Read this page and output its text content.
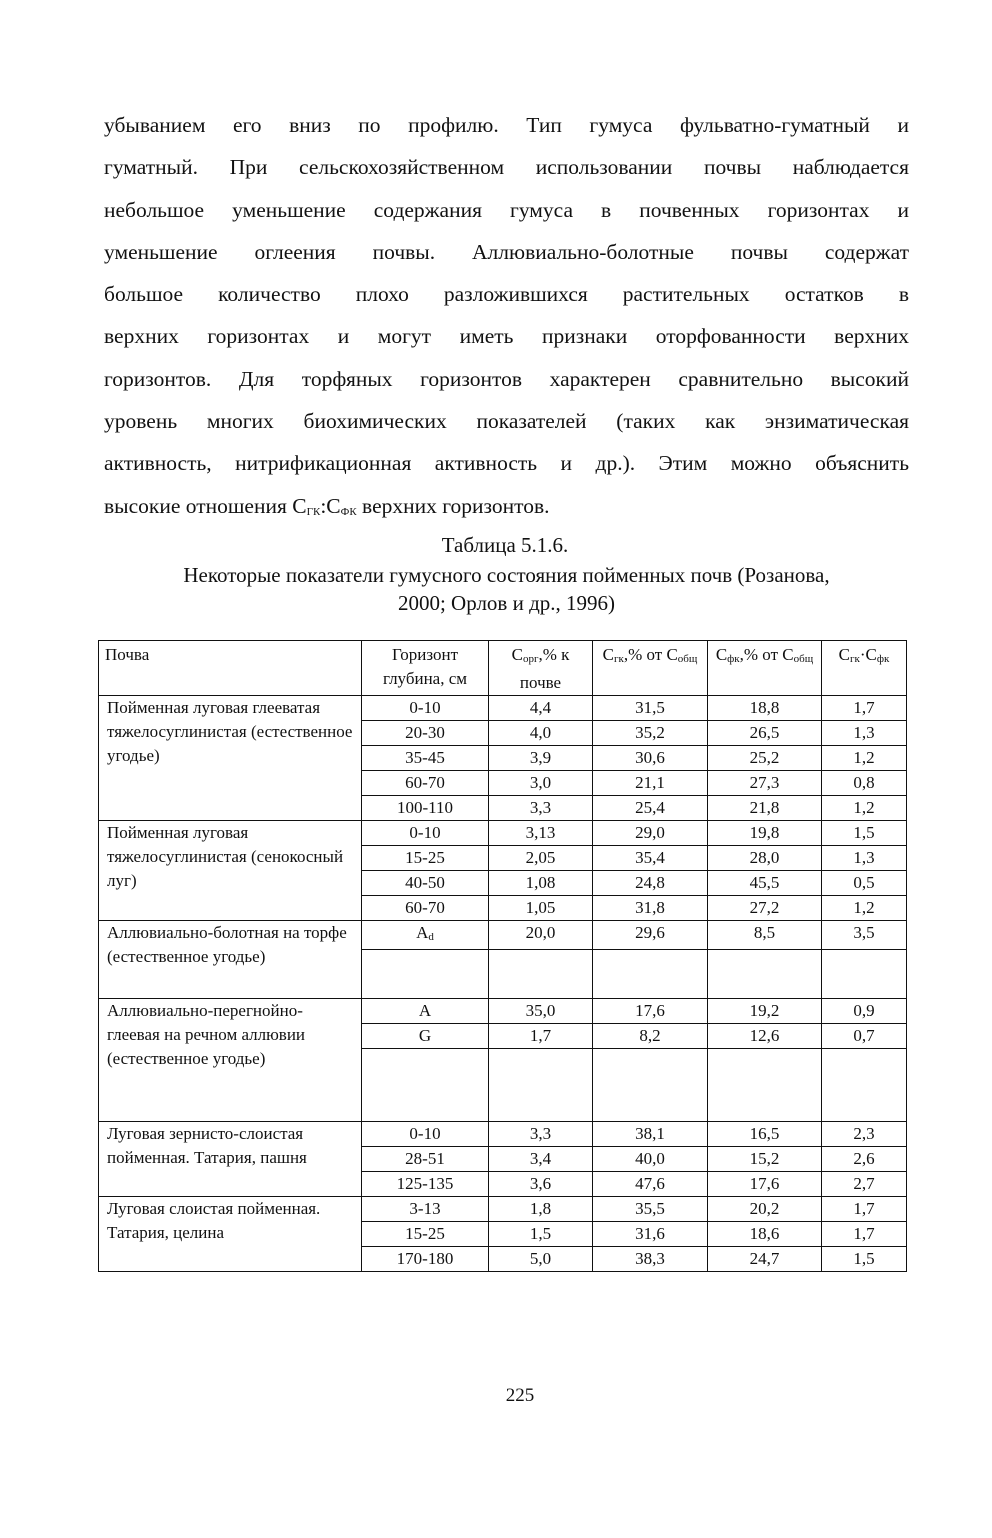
убыванием его вниз по профилю. Тип гумуса фульватно-гуматный и
гуматный. При сельскохозяйственном использовании почвы наблюдается
небольшое уменьшение содержания гумуса в почвенных горизонтах и
уменьшение оглеения почвы. Аллювиально-болотные почвы содержат
большое количество плохо разложившихся растительных остатков в
верхних горизонтах и могут иметь признаки оторфованности верхних
горизонтов. Для торфяных горизонтов характерен сравнительно высокий
уровень многих биохимических показателей (таких как энзиматическая
активность, нитрификационная активность и др.). Этим можно объяснить
высокие отношения $С_{ГК}:С_{ФК}$ верхних горизонтов.
Таблица 5.1.6.
Некоторые показатели гумусного состояния пойменных почв (Розанова,
2000; Орлов и др., 1996)
Почва	Горизонт глубина, см	$С_{орг},\%$ к почве	$С_{гк},\%$ от $С_{общ}$	$С_{фк},\%$ от $С_{общ}$	$С_{гк}\cdot С_{фк}$
Пойменная луговая глееватая тяжелосуглинистая (естественное угодье)	0-10	4,4	31,5	18,8	1,7
	20-30	4,0	35,2	26,5	1,3
	35-45	3,9	30,6	25,2	1,2
	60-70	3,0	21,1	27,3	0,8
	100-110	3,3	25,4	21,8	1,2
Пойменная луговая тяжелосуглинистая (сенокосный луг)	0-10	3,13	29,0	19,8	1,5
	15-25	2,05	35,4	28,0	1,3
	40-50	1,08	24,8	45,5	0,5
	60-70	1,05	31,8	27,2	1,2
Аллювиально-болотная на торфе (естественное угодье)	$A_d$	20,0	29,6	8,5	3,5

Аллювиально-перегнойно-глеевая на речном аллювии (естественное угодье)	A	35,0	17,6	19,2	0,9
	G	1,7	8,2	12,6	0,7

Луговая зернисто-слоистая пойменная. Татария, пашня	0-10	3,3	38,1	16,5	2,3
	28-51	3,4	40,0	15,2	2,6
	125-135	3,6	47,6	17,6	2,7
Луговая слоистая пойменная. Татария, целина	3-13	1,8	35,5	20,2	1,7
	15-25	1,5	31,6	18,6	1,7
	170-180	5,0	38,3	24,7	1,5
225
